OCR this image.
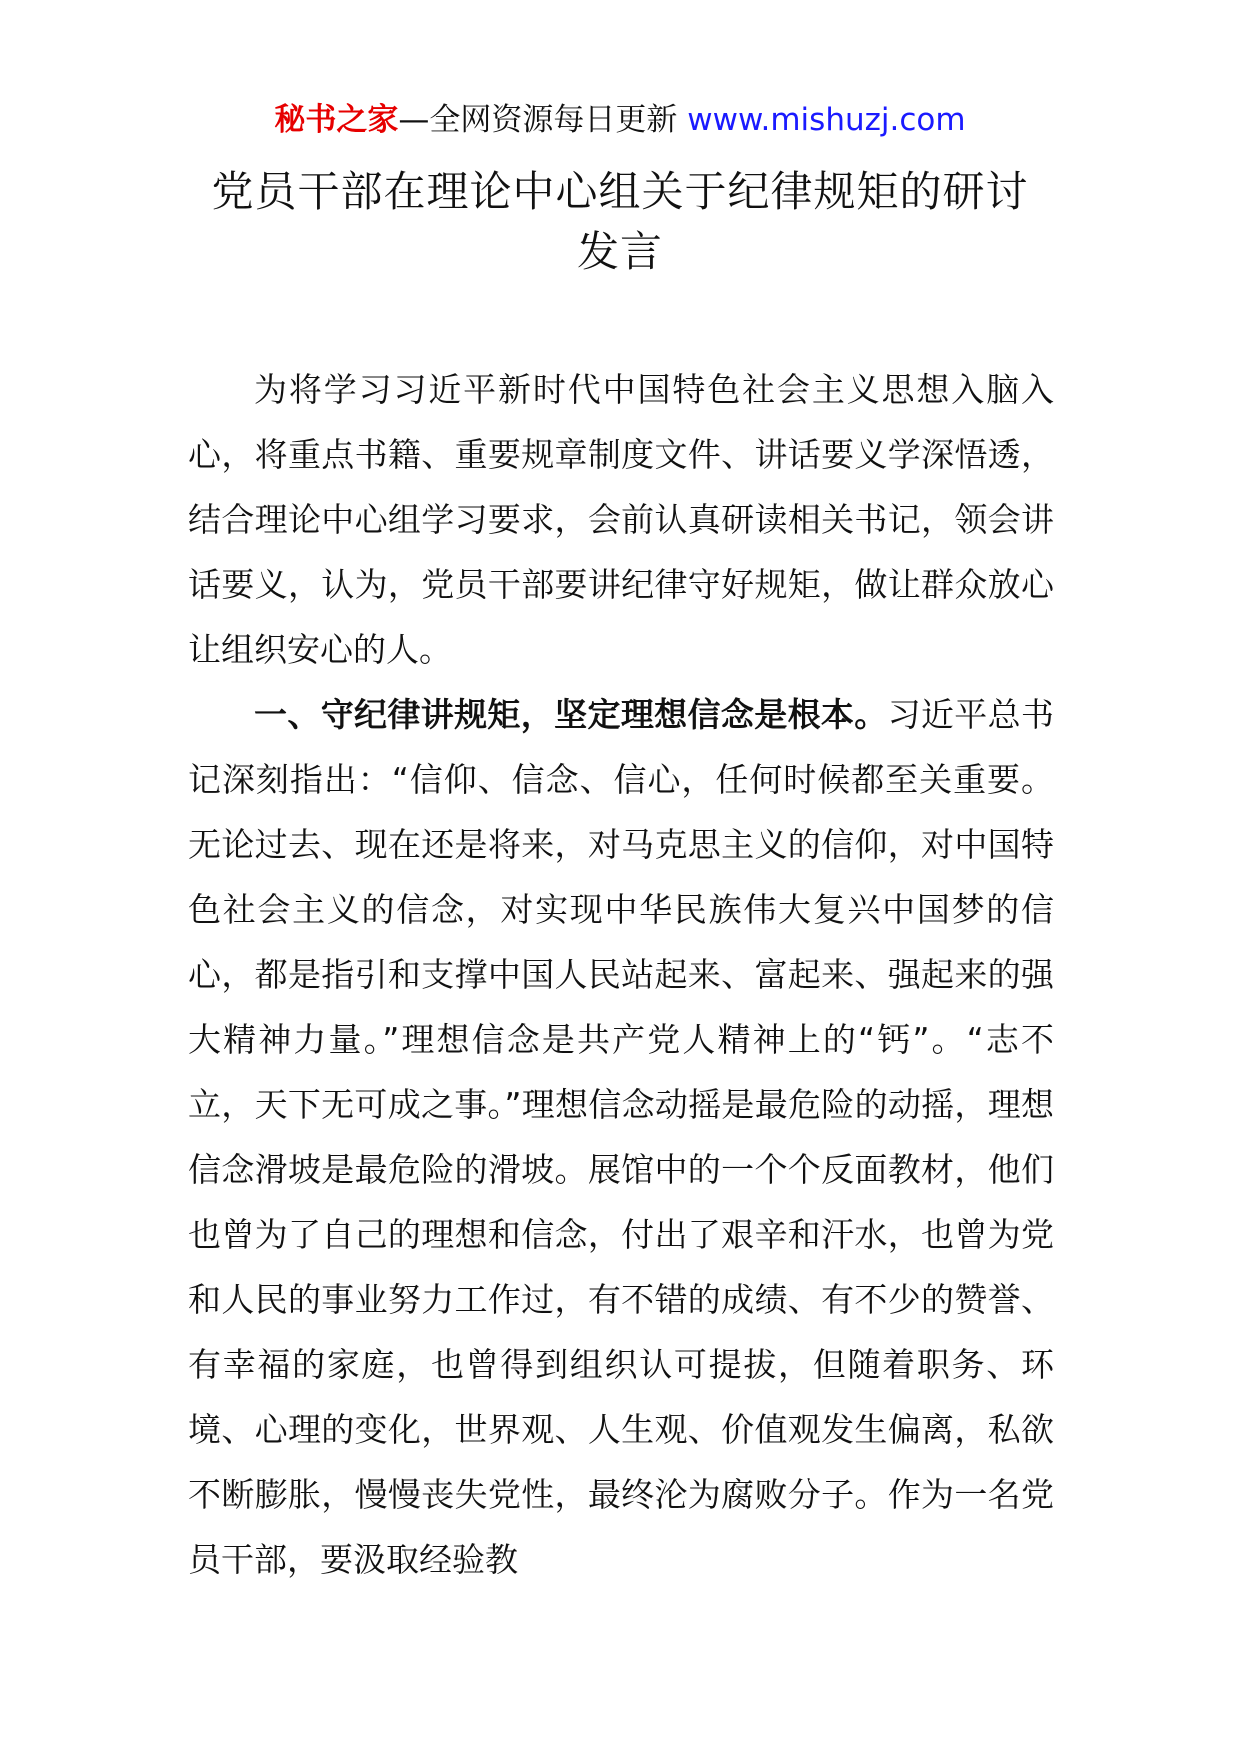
秘书之家—全网资源每日更新 www.mishuzj.com
党员干部在理论中心组关于纪律规矩的研讨
发言

为将学习习近平新时代中国特色社会主义思想入脑入心，将重点书籍、重要规章制度文件、讲话要义学深悟透，结合理论中心组学习要求，会前认真研读相关书记，领会讲话要义，认为，党员干部要讲纪律守好规矩，做让群众放心让组织安心的人。

一、守纪律讲规矩，坚定理想信念是根本。习近平总书记深刻指出：“信仰、信念、信心，任何时候都至关重要。无论过去、现在还是将来，对马克思主义的信仰，对中国特色社会主义的信念，对实现中华民族伟大复兴中国梦的信心，都是指引和支撑中国人民站起来、富起来、强起来的强大精神力量。”理想信念是共产党人精神上的“钙”。“志不立，天下无可成之事。”理想信念动摇是最危险的动摇，理想信念滑坡是最危险的滑坡。展馆中的一个个反面教材，他们也曾为了自己的理想和信念，付出了艰辛和汗水，也曾为党和人民的事业努力工作过，有不错的成绩、有不少的赞誉、有幸福的家庭，也曾得到组织认可提拔，但随着职务、环境、心理的变化，世界观、人生观、价值观发生偏离，私欲不断膨胀，慢慢丧失党性，最终沦为腐败分子。作为一名党员干部，要汲取经验教
